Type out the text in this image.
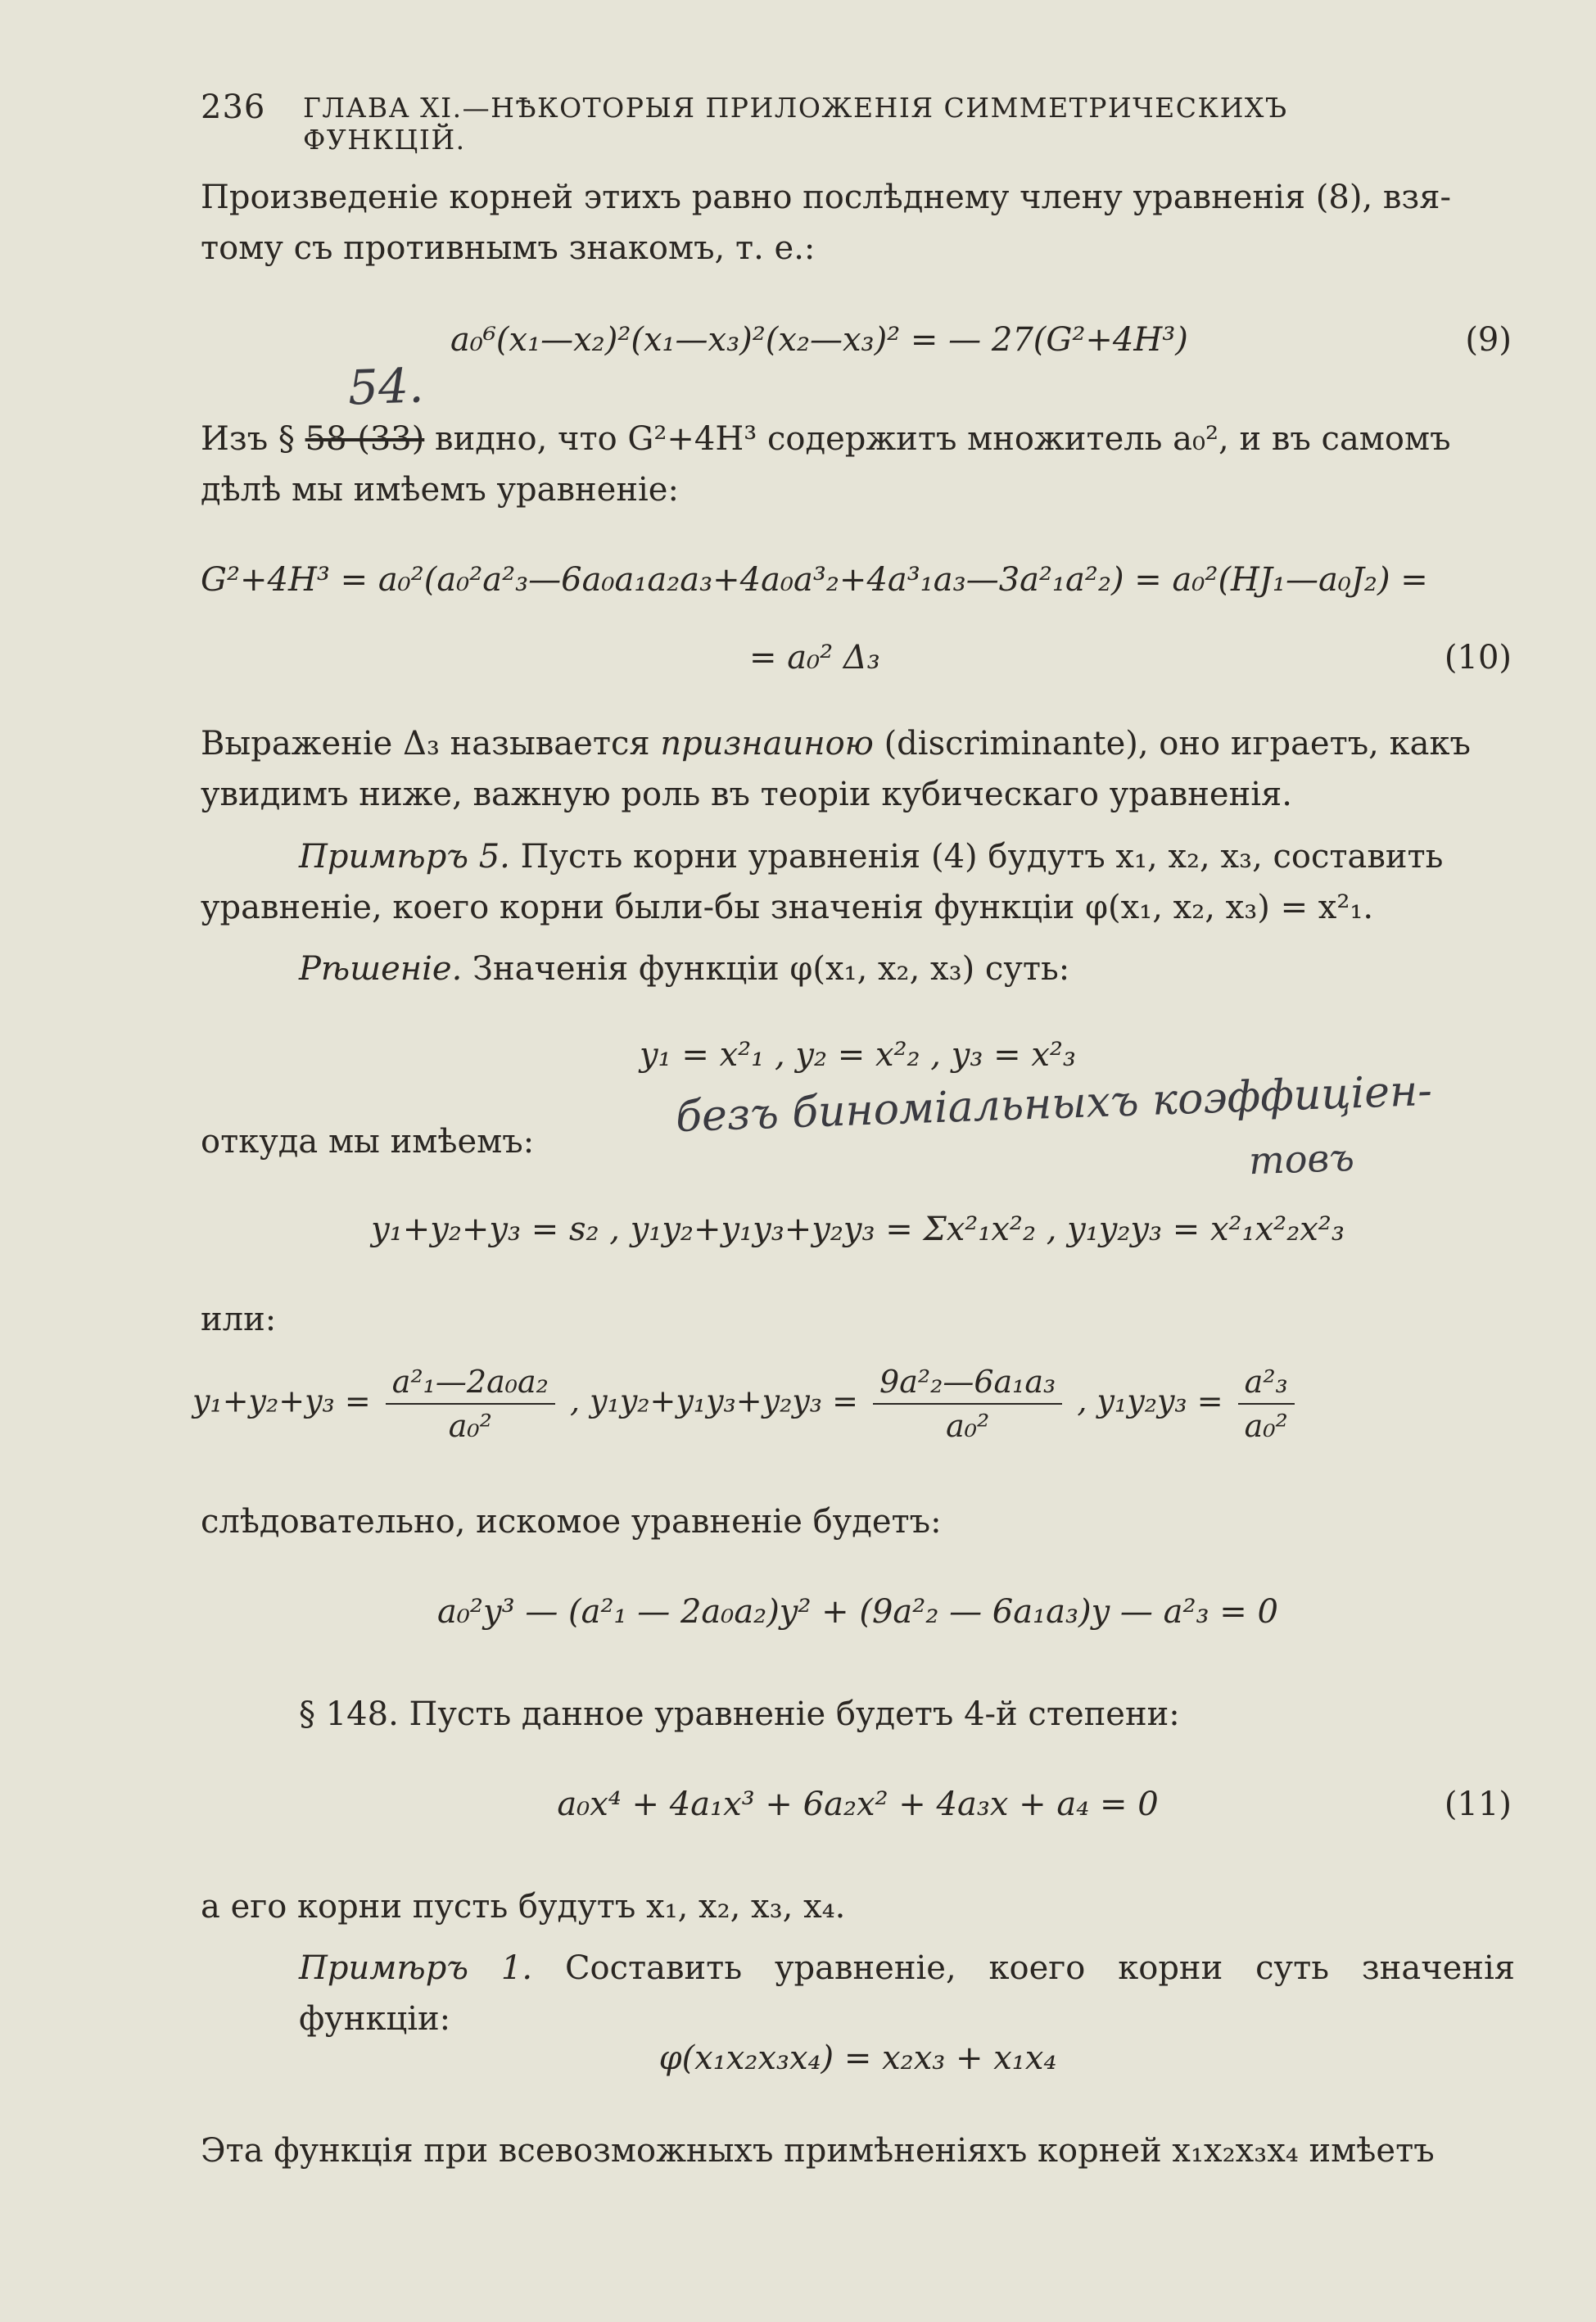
236 ГЛАВА XI.—НѢКОТОРЫЯ ПРИЛОЖЕНІЯ СИММЕТРИЧЕСКИХЪ ФУНКЦІЙ.
Произведеніе корней этихъ равно послѣднему члену уравненія (8), взя-
тому съ противнымъ знакомъ, т. е.:
a₀⁶(x₁—x₂)²(x₁—x₃)²(x₂—x₃)² = — 27(G²+4H³)	(9)
54.
Изъ § 58 (33) видно, что G²+4H³ содержитъ множитель a₀², и въ самомъ
дѣлѣ мы имѣемъ уравненіе:
G²+4H³ = a₀²(a₀²a²₃—6a₀a₁a₂a₃+4a₀a³₂+4a³₁a₃—3a²₁a²₂) = a₀²(HJ₁—a₀J₂) =
= a₀² Δ₃	(10)
Выраженіе Δ₃ называется признаиною (discriminante), оно играетъ, какъ
увидимъ ниже, важную роль въ теоріи кубическаго уравненія.
Примѣръ 5. Пусть корни уравненія (4) будутъ x₁, x₂, x₃, составить
уравненіе, коего корни были-бы значенія функціи φ(x₁, x₂, x₃) = x²₁.
Рѣшеніе. Значенія функціи φ(x₁, x₂, x₃) суть:
y₁ = x²₁ , y₂ = x²₂ , y₃ = x²₃
откуда мы имѣемъ:	безъ биноміальныхъ коэффиціен-
товъ
y₁+y₂+y₃ = s₂ , y₁y₂+y₁y₃+y₂y₃ = Σx²₁x²₂ , y₁y₂y₃ = x²₁x²₂x²₃
или:
$y_1+y_2+y_3 = \frac{\text{a²₁—2a₀a₂}}{\text{a₀²}}$ , $y_1y_2+y_1y_3+y_2y_3 = \frac{\text{9a²₂—6a₁a₃}}{\text{a₀²}}$ , $y_1y_2y_3 = \frac{\text{a²₃}}{\text{a₀²}}$
слѣдовательно, искомое уравненіе будетъ:
a₀²y³ — (a²₁ — 2a₀a₂)y² + (9a²₂ — 6a₁a₃)y — a²₃ = 0
§ 148. Пусть данное уравненіе будетъ 4-й степени:
a₀x⁴ + 4a₁x³ + 6a₂x² + 4a₃x + a₄ = 0	(11)
а его корни пусть будутъ x₁, x₂, x₃, x₄.
Примѣръ 1. Составить уравненіе, коего корни суть значенія функціи:
φ(x₁x₂x₃x₄) = x₂x₃ + x₁x₄
Эта функція при всевозможныхъ примѣненіяхъ корней x₁x₂x₃x₄ имѣетъ
